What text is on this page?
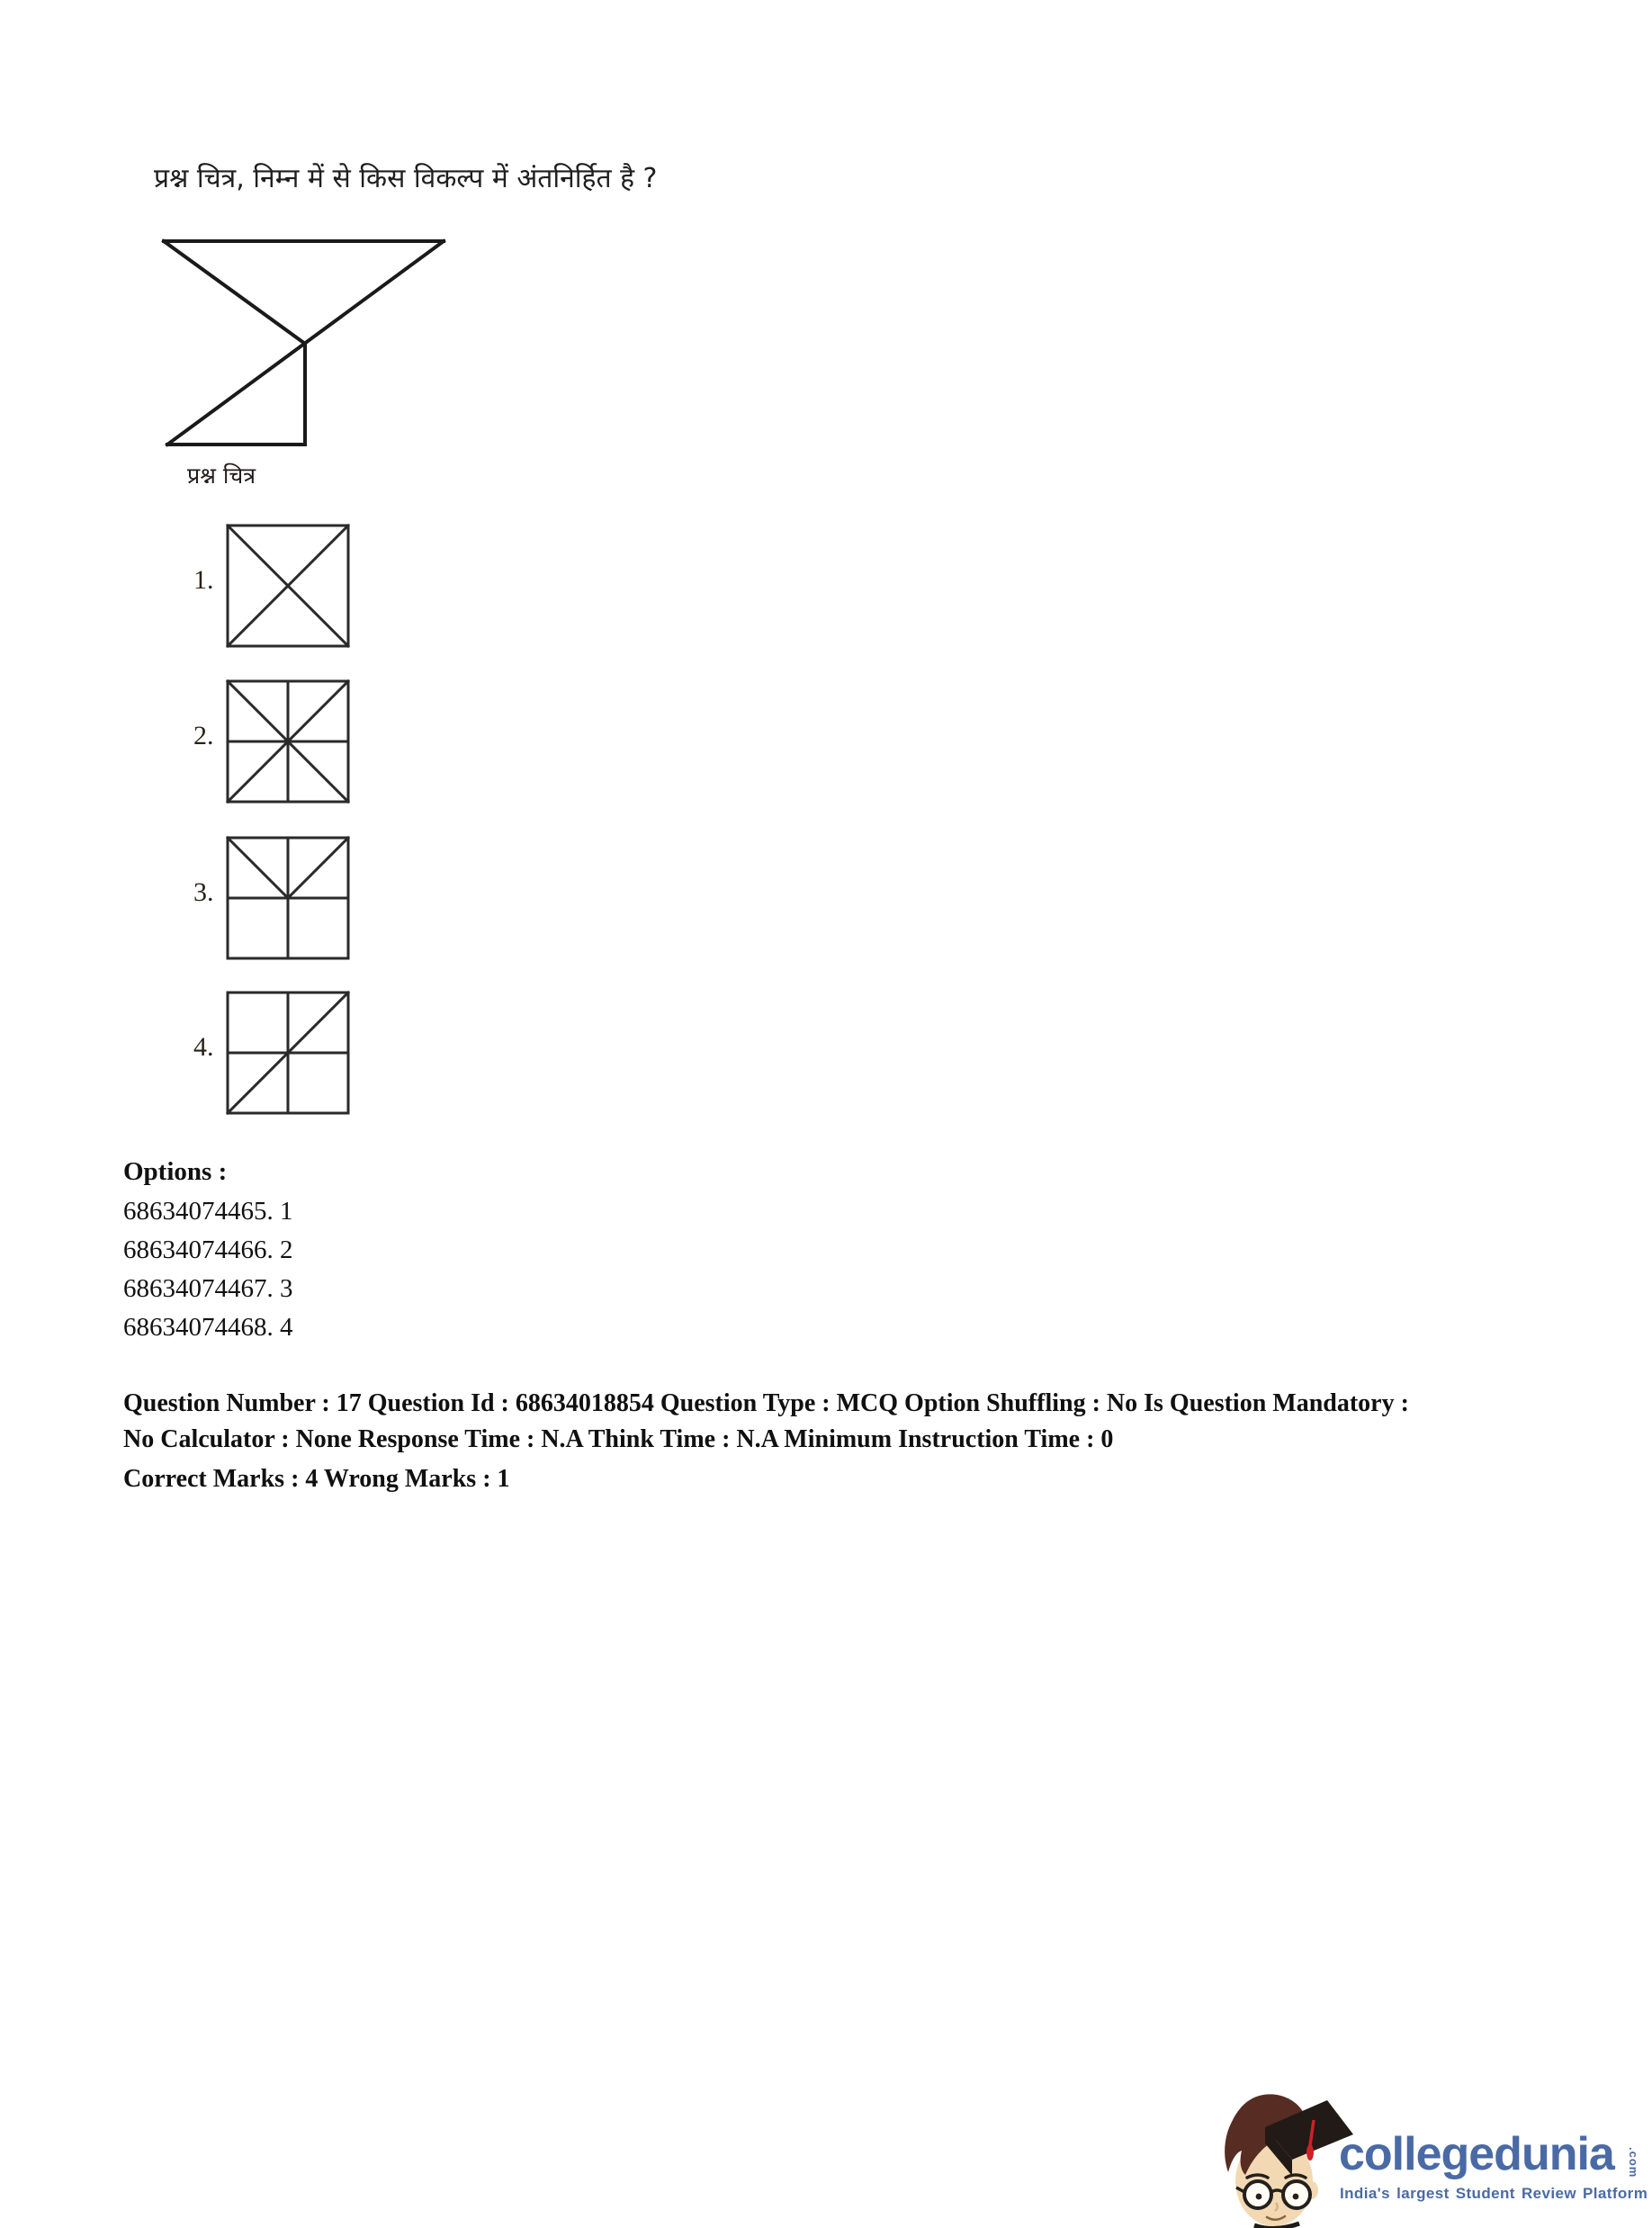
प्रश्न चित्र, निम्न में से किस विकल्प में अंतनिर्हित है ?
प्रश्न चित्र
1.
2.
3.
4.
Options :
68634074465. 1
68634074466. 2
68634074467. 3
68634074468. 4
Question Number : 17 Question Id : 68634018854 Question Type : MCQ Option Shuffling : No Is Question Mandatory :
No Calculator : None Response Time : N.A Think Time : N.A Minimum Instruction Time : 0
Correct Marks : 4 Wrong Marks : 1
collegedunia .com
India's largest Student Review Platform
